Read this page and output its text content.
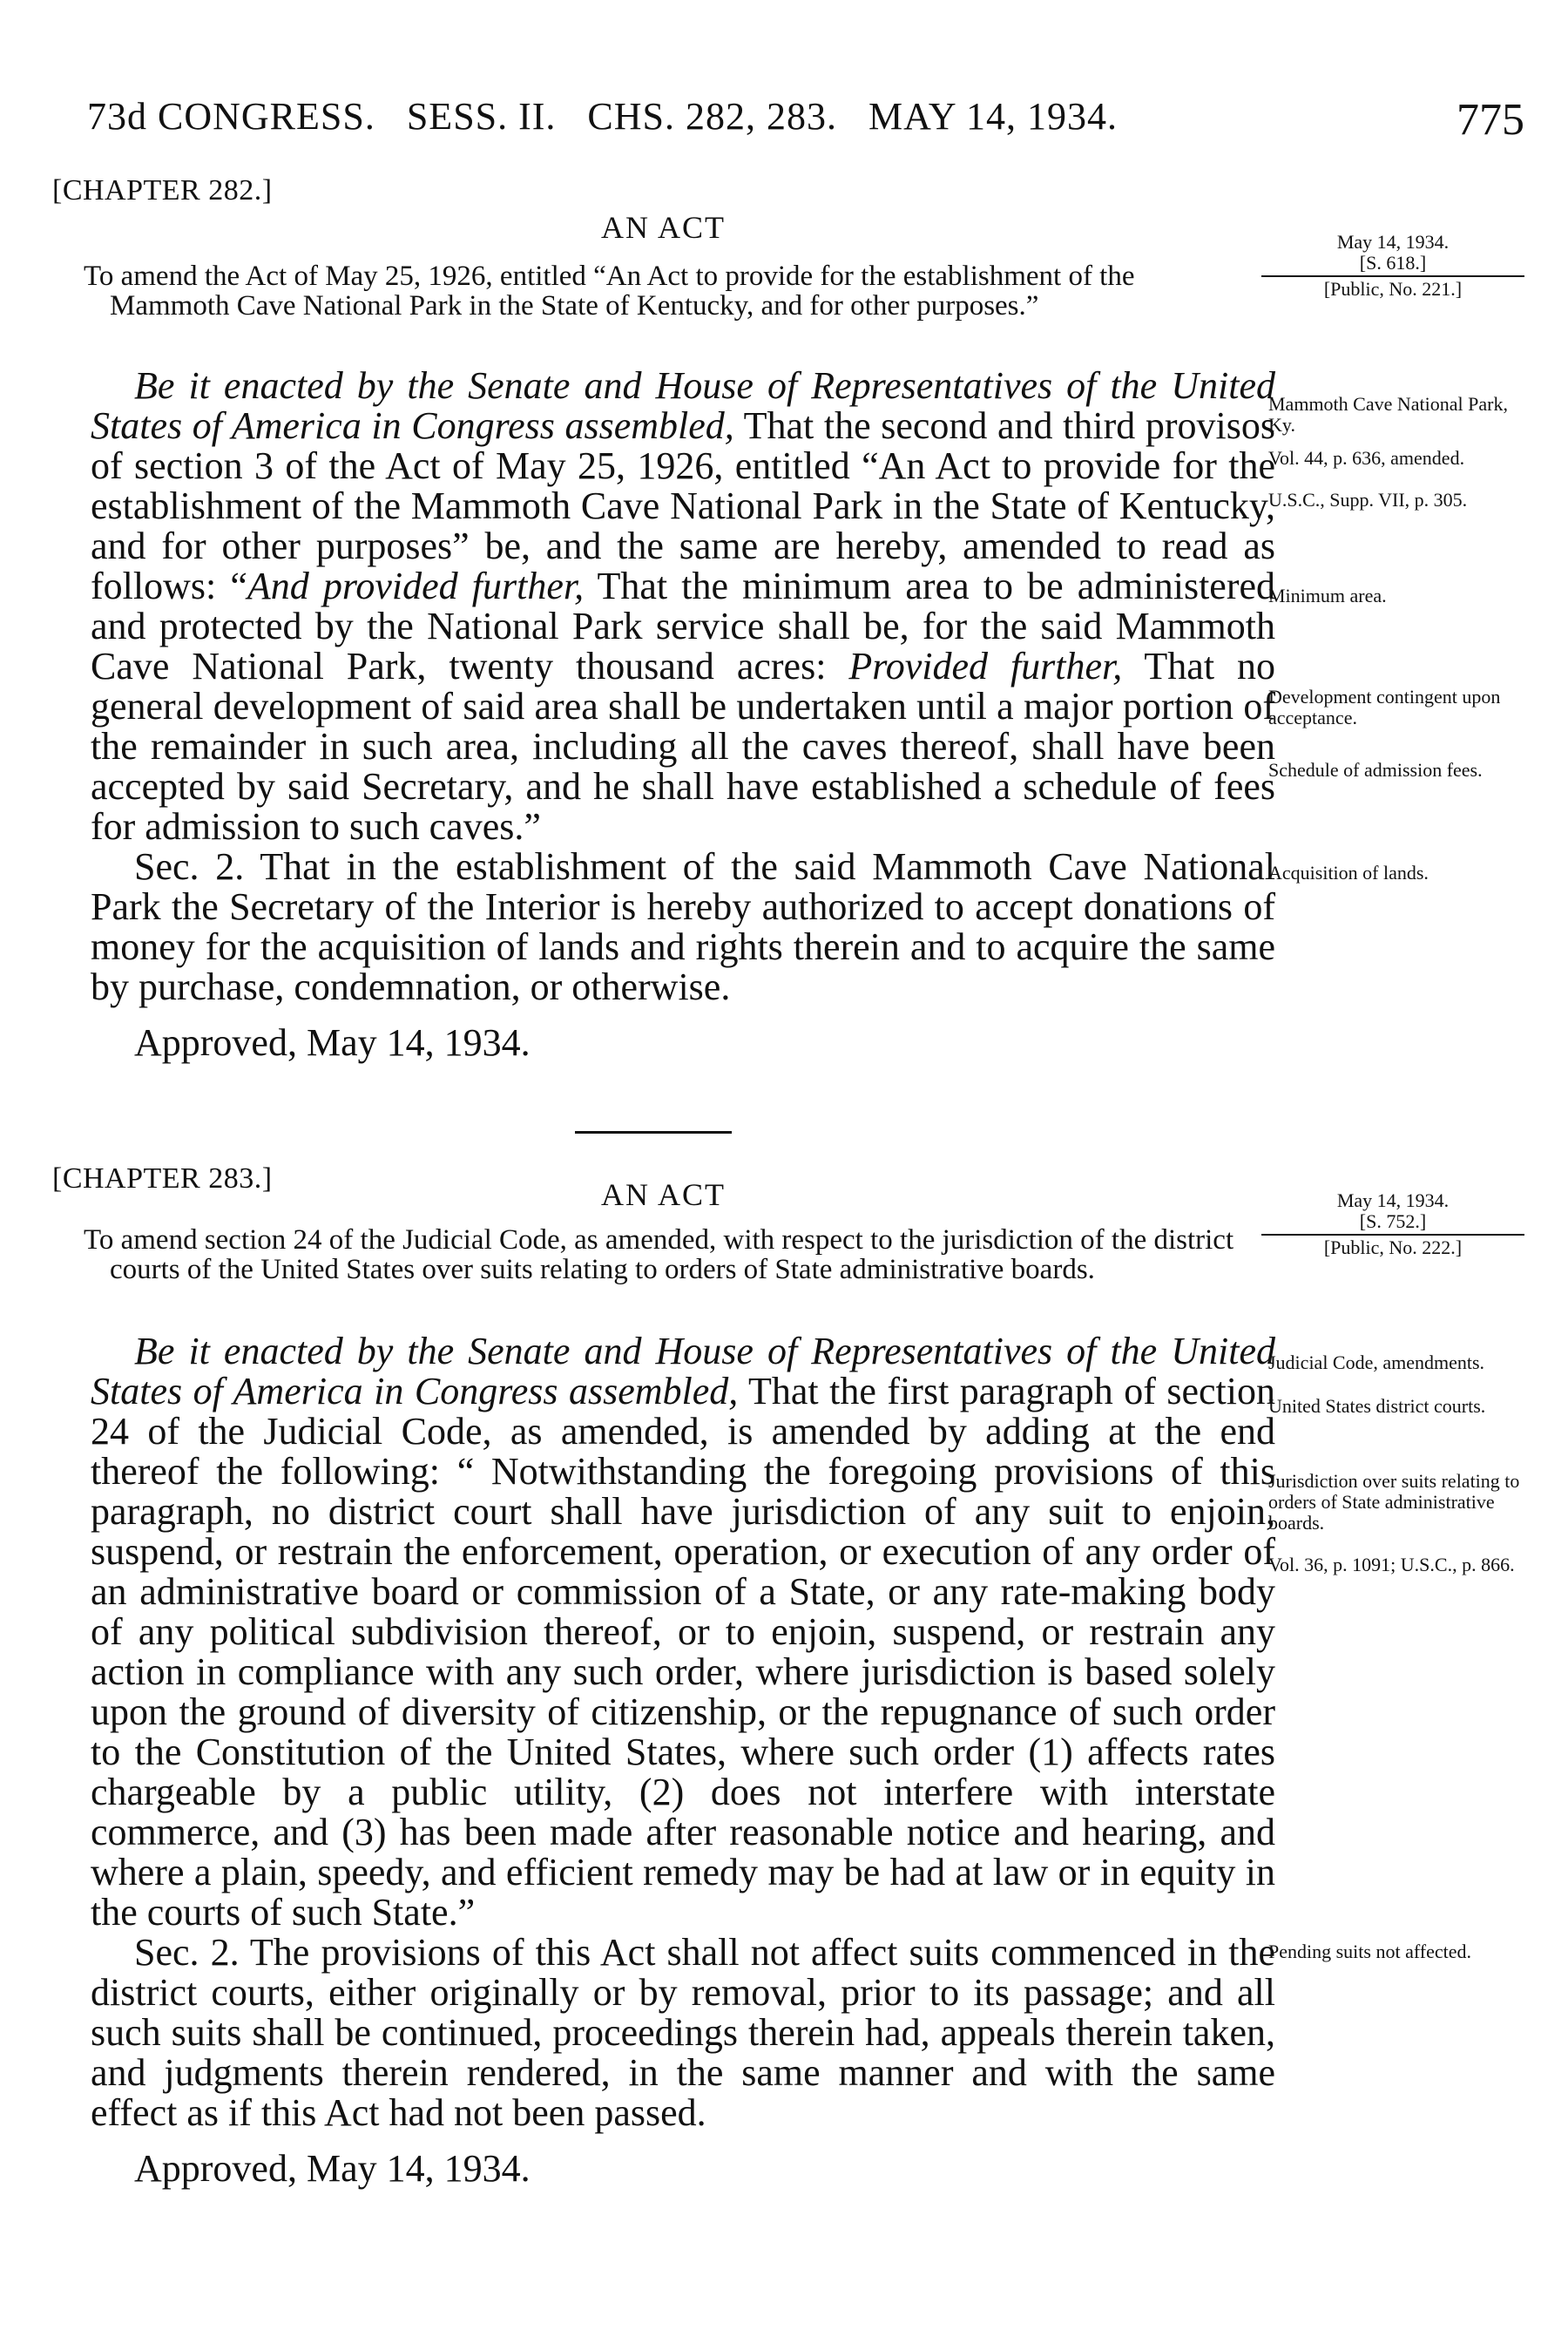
73d CONGRESS.   SESS. II.   CHS. 282, 283.   MAY 14, 1934.	775
[CHAPTER 282.]
AN ACT	May 14, 1934.
[S. 618.]
[Public, No. 221.]

To amend the Act of May 25, 1926, entitled “An Act to provide for the establishment of the Mammoth Cave National Park in the State of Kentucky, and for other purposes.”

Be it enacted by the Senate and House of Representatives of the United States of America in Congress assembled, That the second and third provisos of section 3 of the Act of May 25, 1926, entitled “An Act to provide for the establishment of the Mammoth Cave National Park in the State of Kentucky, and for other purposes” be, and the same are hereby, amended to read as follows: “And provided further, That the minimum area to be administered and protected by the National Park service shall be, for the said Mammoth Cave National Park, twenty thousand acres: Provided further, That no general development of said area shall be undertaken until a major portion of the remainder in such area, including all the caves thereof, shall have been accepted by said Secretary, and he shall have established a schedule of fees for admission to such caves.”

Sec. 2. That in the establishment of the said Mammoth Cave National Park the Secretary of the Interior is hereby authorized to accept donations of money for the acquisition of lands and rights therein and to acquire the same by purchase, condemnation, or otherwise.

Approved, May 14, 1934.

Mammoth Cave National Park, Ky.
Vol. 44, p. 636, amended.
U.S.C., Supp. VII, p. 305.
Minimum area.
Development contingent upon acceptance.
Schedule of admission fees.
Acquisition of lands.
[CHAPTER 283.]	AN ACT	May 14, 1934.
[S. 752.]
[Public, No. 222.]

To amend section 24 of the Judicial Code, as amended, with respect to the jurisdiction of the district courts of the United States over suits relating to orders of State administrative boards.

Be it enacted by the Senate and House of Representatives of the United States of America in Congress assembled, That the first paragraph of section 24 of the Judicial Code, as amended, is amended by adding at the end thereof the following: “ Notwithstanding the foregoing provisions of this paragraph, no district court shall have jurisdiction of any suit to enjoin, suspend, or restrain the enforcement, operation, or execution of any order of an administrative board or commission of a State, or any rate-making body of any political subdivision thereof, or to enjoin, suspend, or restrain any action in compliance with any such order, where jurisdiction is based solely upon the ground of diversity of citizenship, or the repugnance of such order to the Constitution of the United States, where such order (1) affects rates chargeable by a public utility, (2) does not interfere with interstate commerce, and (3) has been made after reasonable notice and hearing, and where a plain, speedy, and efficient remedy may be had at law or in equity in the courts of such State.”

Sec. 2. The provisions of this Act shall not affect suits commenced in the district courts, either originally or by removal, prior to its passage; and all such suits shall be continued, proceedings therein had, appeals therein taken, and judgments therein rendered, in the same manner and with the same effect as if this Act had not been passed.

Approved, May 14, 1934.

Judicial Code, amendments.
United States district courts.
Jurisdiction over suits relating to orders of State administrative boards.
Vol. 36, p. 1091; U.S.C., p. 866.
Pending suits not affected.
